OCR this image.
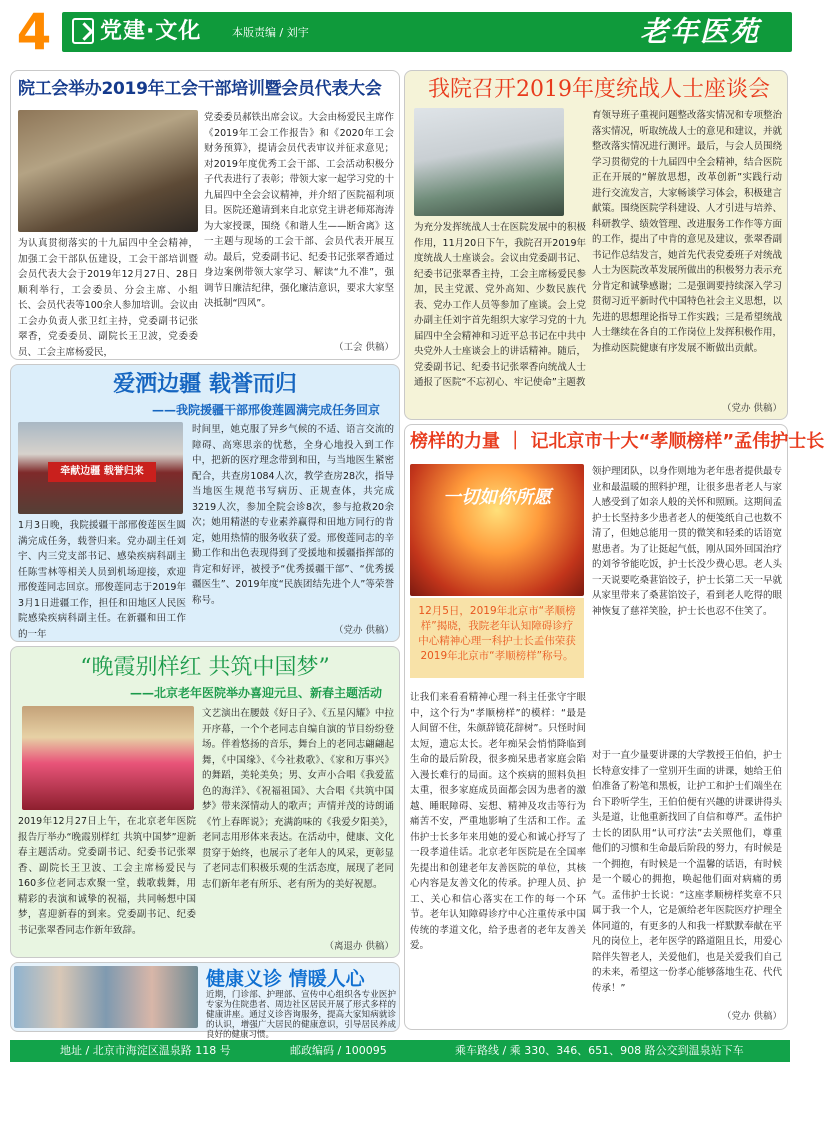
4	党建·文化	本版责编 / 刘宇	老年医苑
院工会举办2019年工会干部培训暨会员代表大会
为认真贯彻落实的十九届四中全会精神，加强工会干部队伍建设，工会干部培训暨会员代表大会于2019年12月27日、28日顺利举行，工会委员、分会主席、小组长、会员代表等100余人参加培训。会议由工会办负责人张卫红主持，党委副书记张翠香，党委委员、副院长王卫波，党委委员、工会主席杨爱民，
党委委员郝铁出席会议。大会由杨爱民主席作《2019年工会工作报告》和《2020年工会财务预算》，提请会员代表审议并征求意见；对2019年度优秀工会干部、工会活动积极分子代表进行了表彰；带领大家一起学习党的十九届四中全会会议精神，并介绍了医院福利项目。医院还邀请到来自北京党主讲老师郑海涛为大家授课，围绕《和谐人生——断舍离》这一主题与现场的工会干部、会员代表开展互动。最后，党委副书记、纪委书记张翠香通过身边案例带领大家学习、解读“九不准”，强调节日廉洁纪律，强化廉洁意识，要求大家坚决抵制“四风”。
（工会 供稿）
我院召开2019年度统战人士座谈会
为充分发挥统战人士在医院发展中的积极作用，11月20日下午，我院召开2019年度统战人士座谈会。会议由党委副书记、纪委书记张翠香主持，工会主席杨爱民参加，民主党派、党外高知、少数民族代表、党办工作人员等参加了座谈。会上党办副主任刘宇首先组织大家学习党的十九届四中全会精神和习近平总书记在中共中央党外人士座谈会上的讲话精神。随后，党委副书记、纪委书记张翠香向统战人士通报了医院“不忘初心、牢记使命”主题教
育领导班子重视问题整改落实情况和专项整治落实情况，听取统战人士的意见和建议，并就整改落实情况进行测评。最后，与会人员围绕学习贯彻党的十九届四中全会精神，结合医院正在开展的“解放思想，改革创新”实践行动进行交流发言，大家畅谈学习体会，积极建言献策。围绕医院学科建设、人才引进与培养、科研教学、绩效管理、改进服务工作作等方面的工作，提出了中肯的意见及建议，张翠香副书记作总结发言，她首先代表党委班子对统战人士为医院改革发展所做出的积极努力表示充分肯定和诚挚感谢；二是强调要持续深入学习贯彻习近平新时代中国特色社会主义思想，以先进的思想理论指导工作实践；三是希望统战人士继续在各自的工作岗位上发挥积极作用，为推动医院健康有序发展不断做出贡献。
（党办 供稿）
爱洒边疆 载誉而归
——我院援疆干部邢俊莲圆满完成任务回京
牵献边疆 载誉归来
1月3日晚，我院援疆干部邢俊莲医生圆满完成任务，载誉归来。党办副主任刘宇、内三党支部书记、感染疾病科副主任陈雪林等相关人员到机场迎接，欢迎邢俊莲同志回京。邢俊莲同志于2019年3月1日进疆工作，担任和田地区人民医院感染疾病科副主任。在新疆和田工作的一年
时间里，她克服了异乡气候的不适、语言交流的障碍、高寒思亲的忧愁，全身心地投入到工作中，把新的医疗理念带到和田，与当地医生紧密配合，共查房1084人次，教学查房28次，指导当地医生规范书写病历、正规查体，共完成3219人次，参加全院会诊8次，参与抢救20余次；她用精湛的专业素养赢得和田地方同行的肯定，她用热情的服务收获了爱。邢俊莲同志的辛勤工作和出色表现得到了受援地和援疆指挥部的肯定和好评，被授予“优秀援疆干部”、“优秀援疆医生”、2019年度“民族团结先进个人”等荣誉称号。
（党办 供稿）
榜样的力量 ｜ 记北京市十大“孝顺榜样”孟伟护士长
一切如你所愿
12月5日，2019年北京市“孝顺榜样”揭晓，我院老年认知障碍诊疗中心精神心理一科护士长孟伟荣获2019年北京市“孝顺榜样”称号。
领护理团队，以身作则地为老年患者提供最专业和最温暖的照料护理，让很多患者老人与家人感受到了如亲人般的关怀和照顾。这期间孟护士长坚持多少患者老人的便笺纸自己也数不清了，但她总能用一贯的微笑和轻柔的话语宽慰患者。为了让挺起气低，刚从国外回国治疗的刘爷爷能吃饭，护士长没少费心思。老人头一天说要吃桑葚馅饺子，护士长第二天一早就从家里带来了桑葚馅饺子，看到老人吃得的眼神恢复了慈祥笑脸，护士长也忍不住笑了。
让我们来看看精神心理一科主任张守宇眼中，这个行为“孝顺榜样”的模样：“最是人间留不住，朱颜辞镜花辞树”。只怪时间太短，遗忘太长。老年痴呆会悄悄降临到生命的最后阶段，很多痴呆患者家庭会陷入漫长难行的局面。这个疾病的照料负担太重，很多家庭成员面都会因为患者的激越、睡眠障碍、妄想、精神及攻击等行为痛苦不安，严重地影响了生活和工作。孟伟护士长多年来用她的爱心和诚心抒写了一段孝道佳话。北京老年医院是在全国率先提出和创建老年友善医院的单位，其核心内容是友善文化的传承。护理人员、护工、关心和信心落实在工作的每一个环节。老年认知障碍诊疗中心注重传承中国传统的孝道文化，给予患者的老年友善关爱。
对于一直少量要讲课的大学教授王伯伯，护士长特意安排了一堂别开生面的讲课，她给王伯伯准备了粉笔和黑板，让护工和护士们端坐在台下聆听学生，王伯伯便有兴趣的讲课讲得头头是道，让他重新找回了自信和尊严。孟伟护士长的团队用“认可疗法”去关照他们，尊重他们的习惯和生命最后阶段的努力，有时候是一个拥抱，有时候是一个温馨的话语，有时候是一个暖心的拥抱，唤起他们面对病痛的勇气。孟伟护士长说：“这座孝顺榜样奖章不只属于我一个人，它是颁给老年医院医疗护理全体同道的，有更多的人和我一样默默奉献在平凡的岗位上，老年医学的路道阻且长，用爱心陪伴失智老人，关爱他们，也是关爱我们自己的未来，希望这一份孝心能够落地生花、代代传承！”
（党办 供稿）
“晚霞别样红 共筑中国梦”
——北京老年医院举办喜迎元旦、新春主题活动
2019年12月27日上午，在北京老年医院报告厅举办“晚霞别样红 共筑中国梦”迎新春主题活动。党委副书记、纪委书记张翠香、副院长王卫波、工会主席杨爱民与160多位老同志欢聚一堂，载歌载舞，用精彩的表演和诚挚的祝福，共同畅想中国梦，喜迎新春的到来。党委副书记、纪委书记张翠香同志作新年致辞。
文艺演出在腰鼓《好日子》、《五星闪耀》中拉开序幕，一个个老同志自编自演的节目纷纷登场。伴着悠扬的音乐，舞台上的老同志翩翩起舞，《中国缘》、《今社救歌》、《家和万事兴》的舞蹈，美轮美奂；男、女声小合唱《我爱蓝色的海洋》、《祝福祖国》、大合唱《共筑中国梦》带来深情动人的歌声；声情并茂的诗朗诵《竹上春晖说》；充满韵味的《我爱夕阳美》，老同志用形体来表达。在活动中，健康、文化贯穿于始终，也展示了老年人的风采，更彰显了老同志们积极乐观的生活态度，展现了老同志们新年老有所乐、老有所为的美好祝愿。
（离退办 供稿）
健康义诊 情暖人心
近期，门诊部、护理部、宣传中心组织各专业医护专家为住院患者、周边社区居民开展了形式多样的健康讲座。通过义诊咨询服务，提高大家知病就诊的认识，增强广大居民的健康意识，引导居民养成良好的健康习惯。
地址 / 北京市海淀区温泉路 118 号	邮政编码 / 100095	乘车路线 / 乘 330、346、651、908 路公交到温泉站下车
